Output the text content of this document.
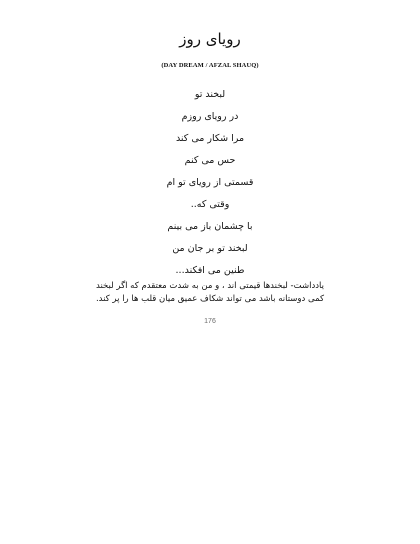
رویای روز
(DAY DREAM / AFZAL SHAUQ)
لبخند تو
در رویای روزم
مرا شکار می کند
حس می کنم
قسمتی از رویای تو ام
وقتی که..
با چشمان باز می بینم
لبخند تو بر جان من
طنین می افکند...
یادداشت- لبخندها قیمتی اند ، و من به شدت معتقدم که اگر لبخند
کمی دوستانه باشد می تواند شکاف عمیق میان قلب ها را پر کند.
176
